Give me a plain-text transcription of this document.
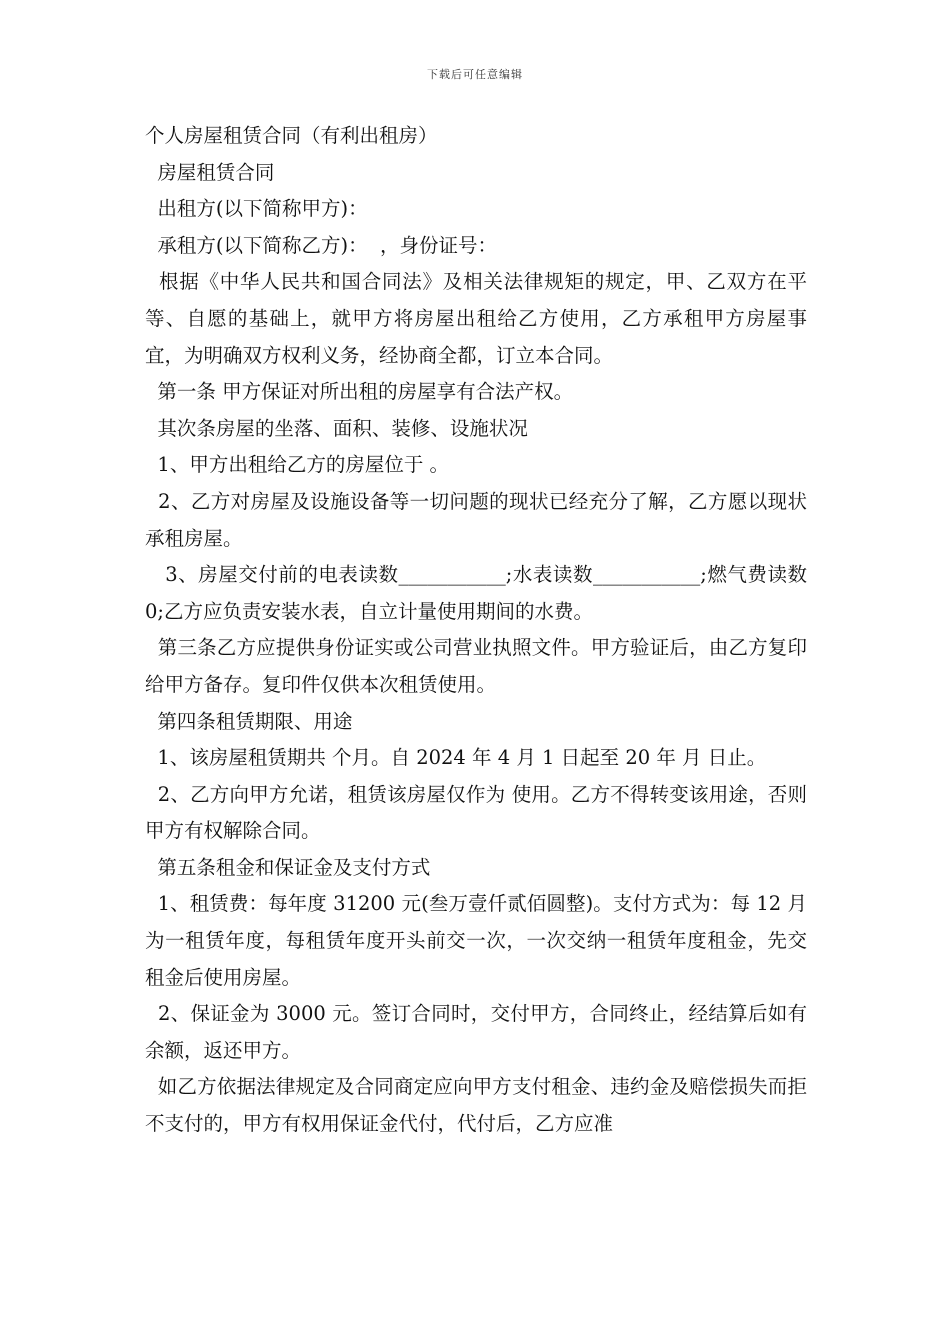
下载后可任意编辑

个人房屋租赁合同（有利出租房）

房屋租赁合同

出租方(以下简称甲方)：

承租方(以下简称乙方)：  ，身份证号：

根据《中华人民共和国合同法》及相关法律规矩的规定，甲、乙双方在平等、自愿的基础上，就甲方将房屋出租给乙方使用，乙方承租甲方房屋事宜，为明确双方权利义务，经协商全都，订立本合同。

第一条 甲方保证对所出租的房屋享有合法产权。

其次条房屋的坐落、面积、装修、设施状况

1、甲方出租给乙方的房屋位于 。

2、乙方对房屋及设施设备等一切问题的现状已经充分了解，乙方愿以现状承租房屋。

3、房屋交付前的电表读数___________;水表读数___________;燃气费读数 0;乙方应负责安装水表，自立计量使用期间的水费。

第三条乙方应提供身份证实或公司营业执照文件。甲方验证后，由乙方复印给甲方备存。复印件仅供本次租赁使用。

第四条租赁期限、用途

1、该房屋租赁期共 个月。自 2024 年 4 月 1 日起至 20 年 月 日止。

2、乙方向甲方允诺，租赁该房屋仅作为 使用。乙方不得转变该用途，否则甲方有权解除合同。

第五条租金和保证金及支付方式

1、租赁费：每年度 31200 元(叁万壹仟贰佰圆整)。支付方式为：每 12 月为一租赁年度，每租赁年度开头前交一次，一次交纳一租赁年度租金，先交租金后使用房屋。

2、保证金为 3000 元。签订合同时，交付甲方，合同终止，经结算后如有余额，返还甲方。

如乙方依据法律规定及合同商定应向甲方支付租金、违约金及赔偿损失而拒不支付的，甲方有权用保证金代付，代付后，乙方应准
